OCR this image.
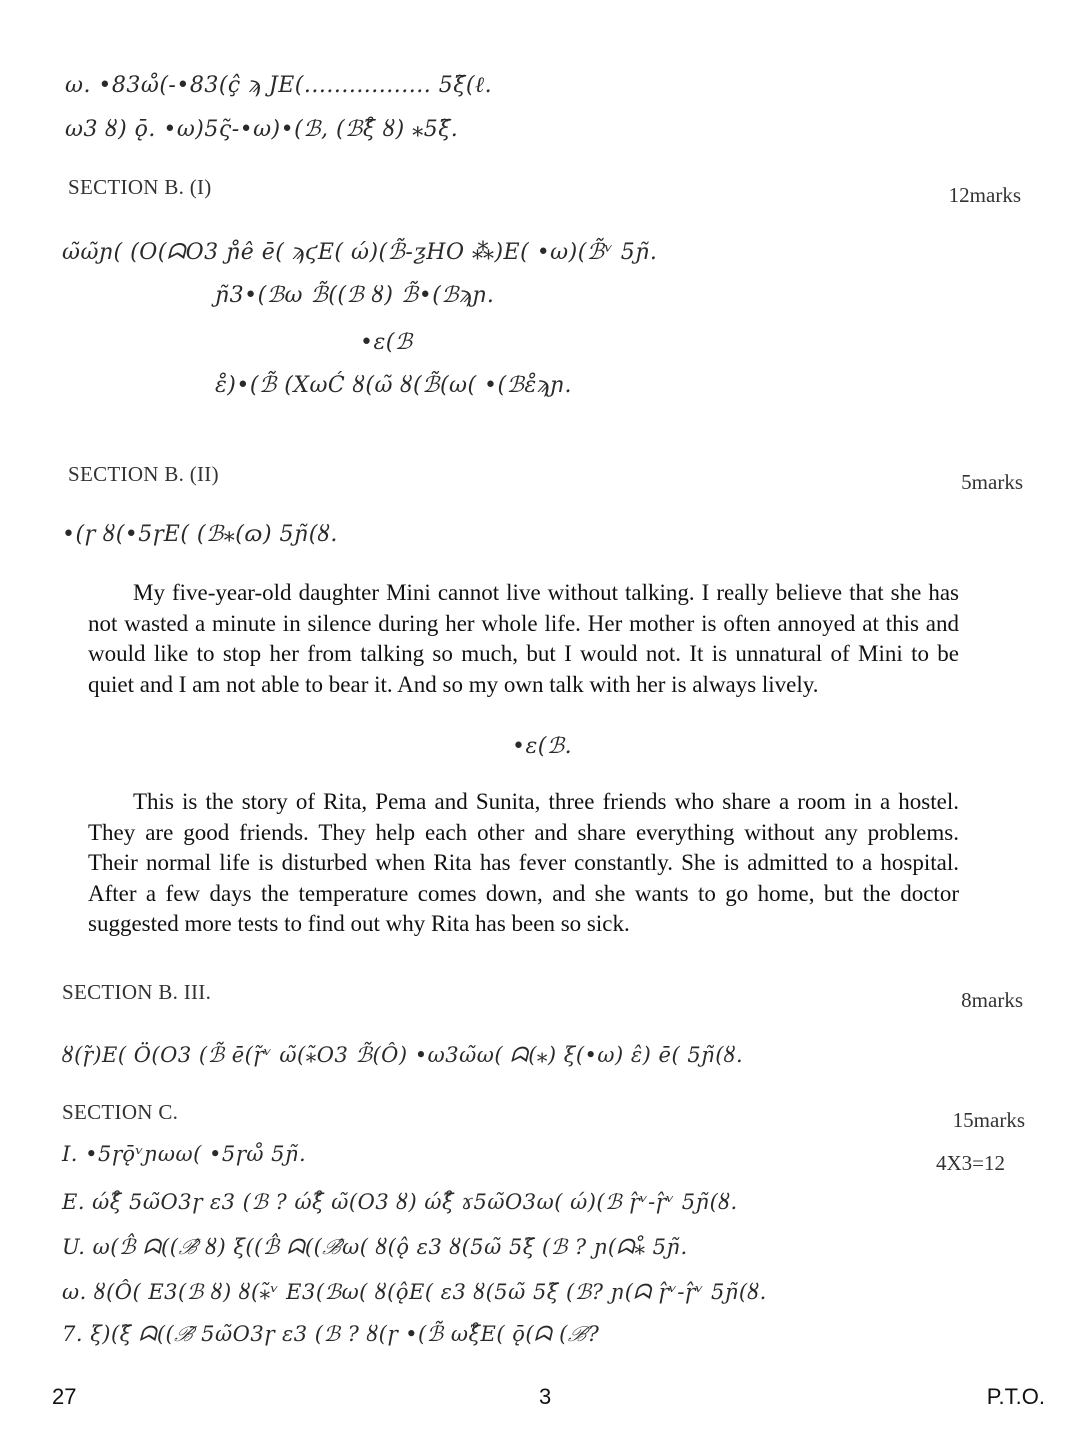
ω. •83ω̊(-•83(ç̂ ϡ JE(................. 5ξ̃(ℓ.
ω3 ȣ) ǭ. •ω)5ς̃-•ω)•(ℬ, (ℬξ̊ ȣ) ⁎5ξ̃.
SECTION B. (I)	12marks
ω̃ω̃ɲ( (O(ᗣO3 ɲ̊ê ē( ϡϛE( ώ)(ℬ̃-ƺHO ⁂)E( •ω)(ℬ̃ᵛ 5ɲ̃.
ɲ̃3•(ℬω ℬ̃((ℬ ȣ) ℬ̃•(ℬϡɲ.
•ɛ(ℬ
ɛ̊)•(ℬ̃ (XωĆ ȣ(ω̃ ȣ(ℬ̃(ω( •(ℬɛ̊ϡɲ.
SECTION B. (II)	5marks
•(ɼ ȣ(•5ɼE( (ℬ⁎(ɷ) 5ɲ̃(ȣ.
My five-year-old daughter Mini cannot live without talking. I really believe that she has not wasted a minute in silence during her whole life. Her mother is often annoyed at this and would like to stop her from talking so much, but I would not. It is unnatural of Mini to be quiet and I am not able to bear it. And so my own talk with her is always lively.
•ɛ(ℬ.
This is the story of Rita, Pema and Sunita, three friends who share a room in a hostel. They are good friends. They help each other and share everything without any problems. Their normal life is disturbed when Rita has fever constantly. She is admitted to a hospital. After a few days the temperature comes down, and she wants to go home, but the doctor suggested more tests to find out why Rita has been so sick.
SECTION B. III.	8marks
ȣ(ɼ̃)E( Ö(O3 (ℬ̃ ē(ɼ̃ᵛ ω̃(⁎̃O3 ℬ̃(Ô) •ω3ω̃ω( ᗣ(⁎) ξ(•ω) ɛ̂) ē( 5ɲ̃(ȣ.
SECTION C.	15marks
4X3=12
I. •5ɼǭᵛɲωω( •5ɼω̊ 5ɲ̃.
E. ώξ̊ 5ω̃O3ɼ ɛ3 (ℬ ? ώξ̊ ω̃(O3 ȣ) ώξ̊ ɤ5ω̃O3ω( ώ)(ℬ ɼ̂ᵛ-ɼ̂ᵛ 5ɲ̃(ȣ.
U. ω(ℬ̂ ᗣ((ℬ̂ ȣ) ξ((ℬ̂ ᗣ((ℬ̂ω( ȣ(ǫ̂ ɛ3 ȣ(5ω̃ 5ξ̃ (ℬ ? ɲ(ᗣ⁎̊ 5ɲ̃.
ω. ȣ(Ô( E3(ℬ ȣ) ȣ(⁎̃ᵛ E3(ℬω( ȣ(ǫ̂E( ɛ3 ȣ(5ω̃ 5ξ̃ (ℬ? ɲ(ᗣ ɼ̂ᵛ-ɼ̂ᵛ 5ɲ̃(ȣ.
7. ξ)(ξ̃ ᗣ((ℬ̃ 5ω̃O3ɼ ɛ3 (ℬ ? ȣ(ɼ •(ℬ̃ ωξ̊E( ǭ(ᗣ (ℬ?
27	3	P.T.O.
